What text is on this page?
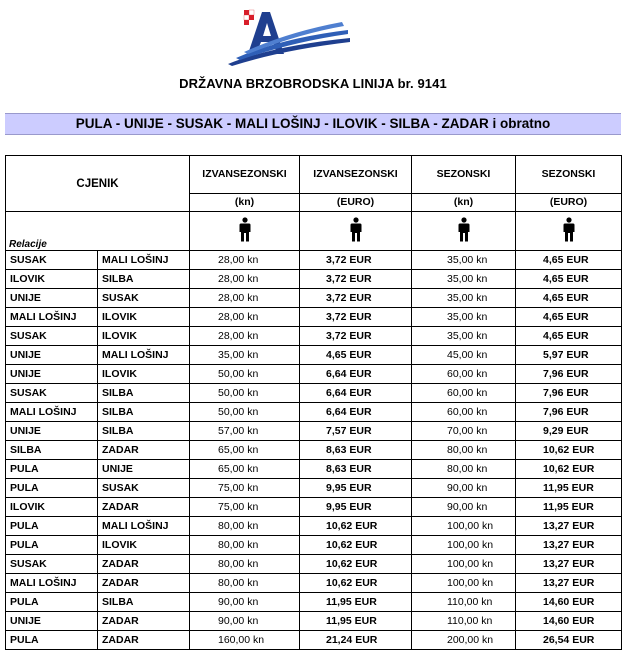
DRŽAVNA BRZOBRODSKA LINIJA br. 9141
PULA - UNIJE - SUSAK - MALI LOŠINJ - ILOVIK - SILBA - ZADAR i obratno
CJENIK		IZVANSEZONSKI	IZVANSEZONSKI	SEZONSKI	SEZONSKI
		(kn)	(EURO)	(kn)	(EURO)
Relacije				
SUSAK	MALI LOŠINJ	28,00 kn	3,72 EUR	35,00 kn	4,65 EUR
ILOVIK	SILBA	28,00 kn	3,72 EUR	35,00 kn	4,65 EUR
UNIJE	SUSAK	28,00 kn	3,72 EUR	35,00 kn	4,65 EUR
MALI LOŠINJ	ILOVIK	28,00 kn	3,72 EUR	35,00 kn	4,65 EUR
SUSAK	ILOVIK	28,00 kn	3,72 EUR	35,00 kn	4,65 EUR
UNIJE	MALI LOŠINJ	35,00 kn	4,65 EUR	45,00 kn	5,97 EUR
UNIJE	ILOVIK	50,00 kn	6,64 EUR	60,00 kn	7,96 EUR
SUSAK	SILBA	50,00 kn	6,64 EUR	60,00 kn	7,96 EUR
MALI LOŠINJ	SILBA	50,00 kn	6,64 EUR	60,00 kn	7,96 EUR
UNIJE	SILBA	57,00 kn	7,57 EUR	70,00 kn	9,29 EUR
SILBA	ZADAR	65,00 kn	8,63 EUR	80,00 kn	10,62 EUR
PULA	UNIJE	65,00 kn	8,63 EUR	80,00 kn	10,62 EUR
PULA	SUSAK	75,00 kn	9,95 EUR	90,00 kn	11,95 EUR
ILOVIK	ZADAR	75,00 kn	9,95 EUR	90,00 kn	11,95 EUR
PULA	MALI LOŠINJ	80,00 kn	10,62 EUR	100,00 kn	13,27 EUR
PULA	ILOVIK	80,00 kn	10,62 EUR	100,00 kn	13,27 EUR
SUSAK	ZADAR	80,00 kn	10,62 EUR	100,00 kn	13,27 EUR
MALI LOŠINJ	ZADAR	80,00 kn	10,62 EUR	100,00 kn	13,27 EUR
PULA	SILBA	90,00 kn	11,95 EUR	110,00 kn	14,60 EUR
UNIJE	ZADAR	90,00 kn	11,95 EUR	110,00 kn	14,60 EUR
PULA	ZADAR	160,00 kn	21,24 EUR	200,00 kn	26,54 EUR
